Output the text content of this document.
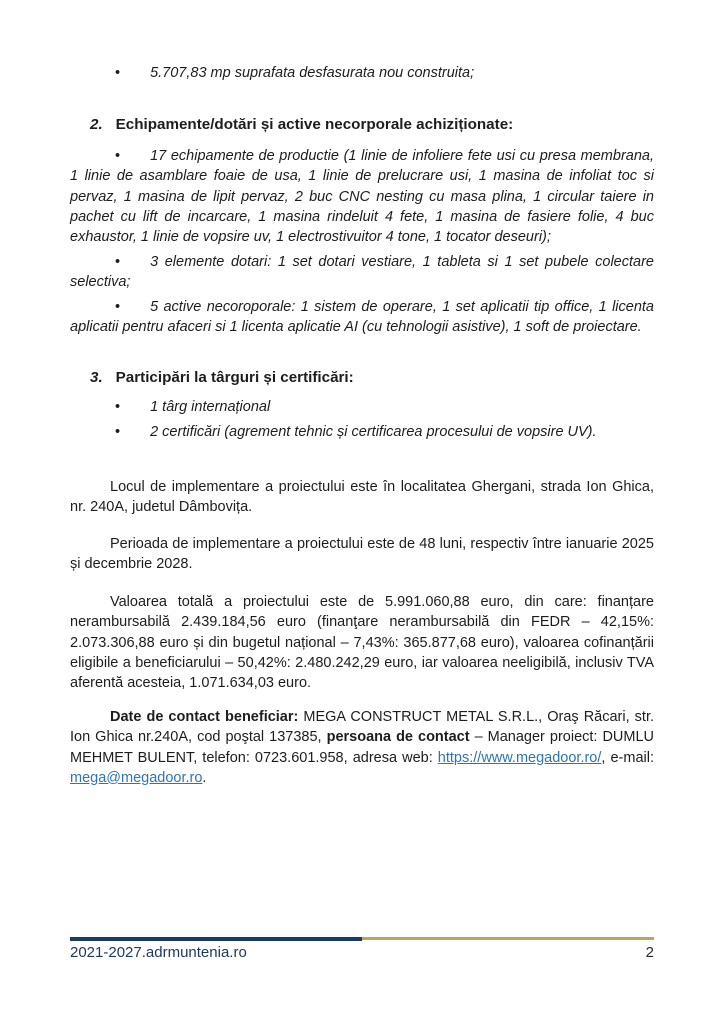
• 5.707,83 mp suprafata desfasurata nou construita;

2. Echipamente/dotări și active necorporale achiziționate:

• 17 echipamente de productie (1 linie de infoliere fete usi cu presa membrana, 1 linie de asamblare foaie de usa, 1 linie de prelucrare usi, 1 masina de infoliat toc si pervaz, 1 masina de lipit pervaz, 2 buc CNC nesting cu masa plina, 1 circular taiere in pachet cu lift de incarcare, 1 masina rindeluit 4 fete, 1 masina de fasiere folie, 4 buc exhaustor, 1 linie de vopsire uv, 1 electrostivuitor 4 tone, 1 tocator deseuri);

• 3 elemente dotari: 1 set dotari vestiare, 1 tableta si 1 set pubele colectare selectiva;

• 5 active necoroporale: 1 sistem de operare, 1 set aplicatii tip office, 1 licenta aplicatii pentru afaceri si 1 licenta aplicatie AI (cu tehnologii asistive), 1 soft de proiectare.

3. Participări la târguri și certificări:

• 1 târg internațional

• 2 certificări (agrement tehnic și certificarea procesului de vopsire UV).

Locul de implementare a proiectului este în localitatea Ghergani, strada Ion Ghica, nr. 240A, judetul Dâmbovița.

Perioada de implementare a proiectului este de 48 luni, respectiv între ianuarie 2025 și decembrie 2028.

Valoarea totală a proiectului este de 5.991.060,88 euro, din care: finanțare nerambursabilă 2.439.184,56 euro (finanţare nerambursabilă din FEDR – 42,15%: 2.073.306,88 euro și din bugetul național – 7,43%: 365.877,68 euro), valoarea cofinanțării eligibile a beneficiarului – 50,42%: 2.480.242,29 euro, iar valoarea neeligibilă, inclusiv TVA aferentă acesteia, 1.071.634,03 euro.

Date de contact beneficiar: MEGA CONSTRUCT METAL S.R.L., Oraş Răcari, str. Ion Ghica nr.240A, cod poştal 137385, persoana de contact – Manager proiect: DUMLU MEHMET BULENT, telefon: 0723.601.958, adresa web: https://www.megadoor.ro/, e-mail: mega@megadoor.ro.

2021-2027.adrmuntenia.ro	2
